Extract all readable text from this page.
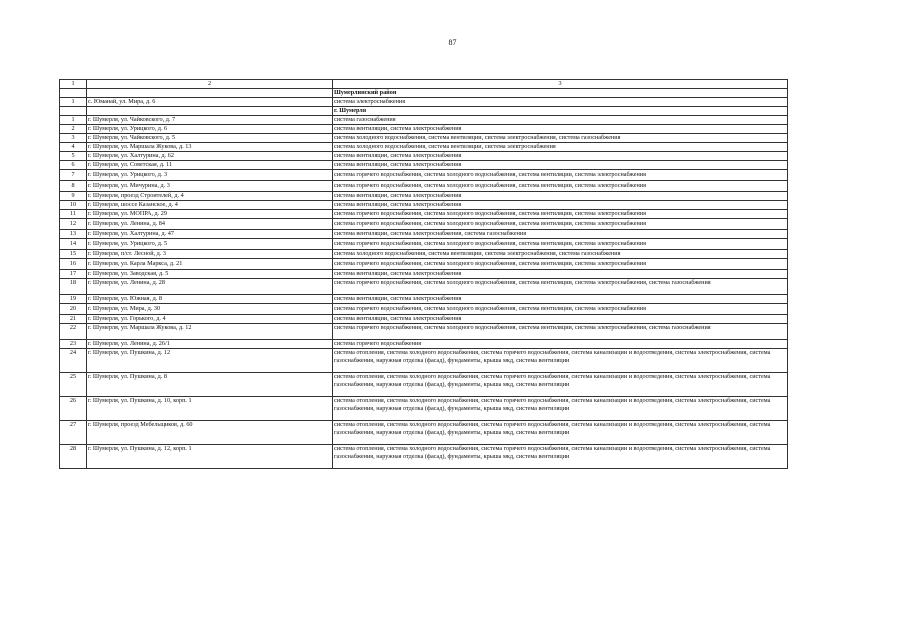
87
1	2	3
		Шумерлинский район
1	с. Юманай, ул. Мира, д. 6	система электроснабжения
		г. Шумерля
1	г. Шумерля, ул. Чайковского, д. 7	система газоснабжения
2	г. Шумерля, ул. Урицкого, д. 6	система вентиляции, система электроснабжения
3	г. Шумерля, ул. Чайковского, д. 5	система холодного водоснабжения, система вентиляции, система электроснабжения, система газоснабжения
4	г. Шумерля, ул. Маршала Жукова, д. 13	система холодного водоснабжения, система вентиляции, система электроснабжения
5	г. Шумерля, ул. Халтурина, д. 62	система вентиляции, система электроснабжения
6	г. Шумерля, ул. Советская, д. 11	система вентиляции, система электроснабжения
7	г. Шумерля, ул. Урицкого, д. 3	система горячего водоснабжения, система холодного водоснабжения, система вентиляции, система электроснабжения
8	г. Шумерля, ул. Мичурина, д. 3	система горячего водоснабжения, система холодного водоснабжения, система вентиляции, система электроснабжения
9	г. Шумерля, проезд Строителей, д. 4	система вентиляции, система электроснабжения
10	г. Шумерля, шоссе Казанское, д. 4	система вентиляции, система электроснабжения
11	г. Шумерля, ул. МОПРА, д. 29	система горячего водоснабжения, система холодного водоснабжения, система вентиляции, система электроснабжения
12	г. Шумерля, ул. Ленина, д. 84	система горячего водоснабжения, система холодного водоснабжения, система вентиляции, система электроснабжения
13	г. Шумерля, ул. Халтурина, д. 47	система вентиляции, система электроснабжения, система газоснабжения
14	г. Шумерля, ул. Урицкого, д. 5	система горячего водоснабжения, система холодного водоснабжения, система вентиляции, система электроснабжения
15	г. Шумерля, п/ст. Лесной, д. 3	система холодного водоснабжения, система вентиляции, система электроснабжения, система газоснабжения
16	г. Шумерля, ул. Карла Маркса, д. 21	система горячего водоснабжения, система холодного водоснабжения, система вентиляции, система электроснабжения
17	г. Шумерля, ул. Заводская, д. 5	система вентиляции, система электроснабжения
18	г. Шумерля, ул. Ленина, д. 28	система горячего водоснабжения, система холодного водоснабжения, система вентиляции, система электроснабжения, система газоснабжения
19	г. Шумерля, ул. Южная, д. 8	система вентиляции, система электроснабжения
20	г. Шумерля, ул. Мира, д. 30	система горячего водоснабжения, система холодного водоснабжения, система вентиляции, система электроснабжения
21	г. Шумерля, ул. Горького, д. 4	система вентиляции, система электроснабжения
22	г. Шумерля, ул. Маршала Жукова, д. 12	система горячего водоснабжения, система холодного водоснабжения, система вентиляции, система электроснабжения, система газоснабжения
23	г. Шумерля, ул. Ленина, д. 26/1	система горячего водоснабжения
24	г. Шумерля, ул. Пушкина, д. 12	система отопления, система холодного водоснабжения, система горячего водоснабжения, система канализации и водоотведения, система электроснабжения, система газоснабжения, наружная отделка (фасад), фундаменты, крыша мкд, система вентиляции
25	г. Шумерля, ул. Пушкина, д. 8	система отопления, система холодного водоснабжения, система горячего водоснабжения, система канализации и водоотведения, система электроснабжения, система газоснабжения, наружная отделка (фасад), фундаменты, крыша мкд, система вентиляции
26	г. Шумерля, ул. Пушкина, д. 10, корп. 1	система отопления, система холодного водоснабжения, система горячего водоснабжения, система канализации и водоотведения, система электроснабжения, система газоснабжения, наружная отделка (фасад), фундаменты, крыша мкд, система вентиляции
27	г. Шумерля, проезд Мебельщиков, д. 60	система отопления, система холодного водоснабжения, система горячего водоснабжения, система канализации и водоотведения, система электроснабжения, система газоснабжения, наружная отделка (фасад), фундаменты, крыша мкд, система вентиляции
28	г. Шумерля, ул. Пушкина, д. 12, корп. 1	система отопления, система холодного водоснабжения, система горячего водоснабжения, система канализации и водоотведения, система электроснабжения, система газоснабжения, наружная отделка (фасад), фундаменты, крыша мкд, система вентиляции
